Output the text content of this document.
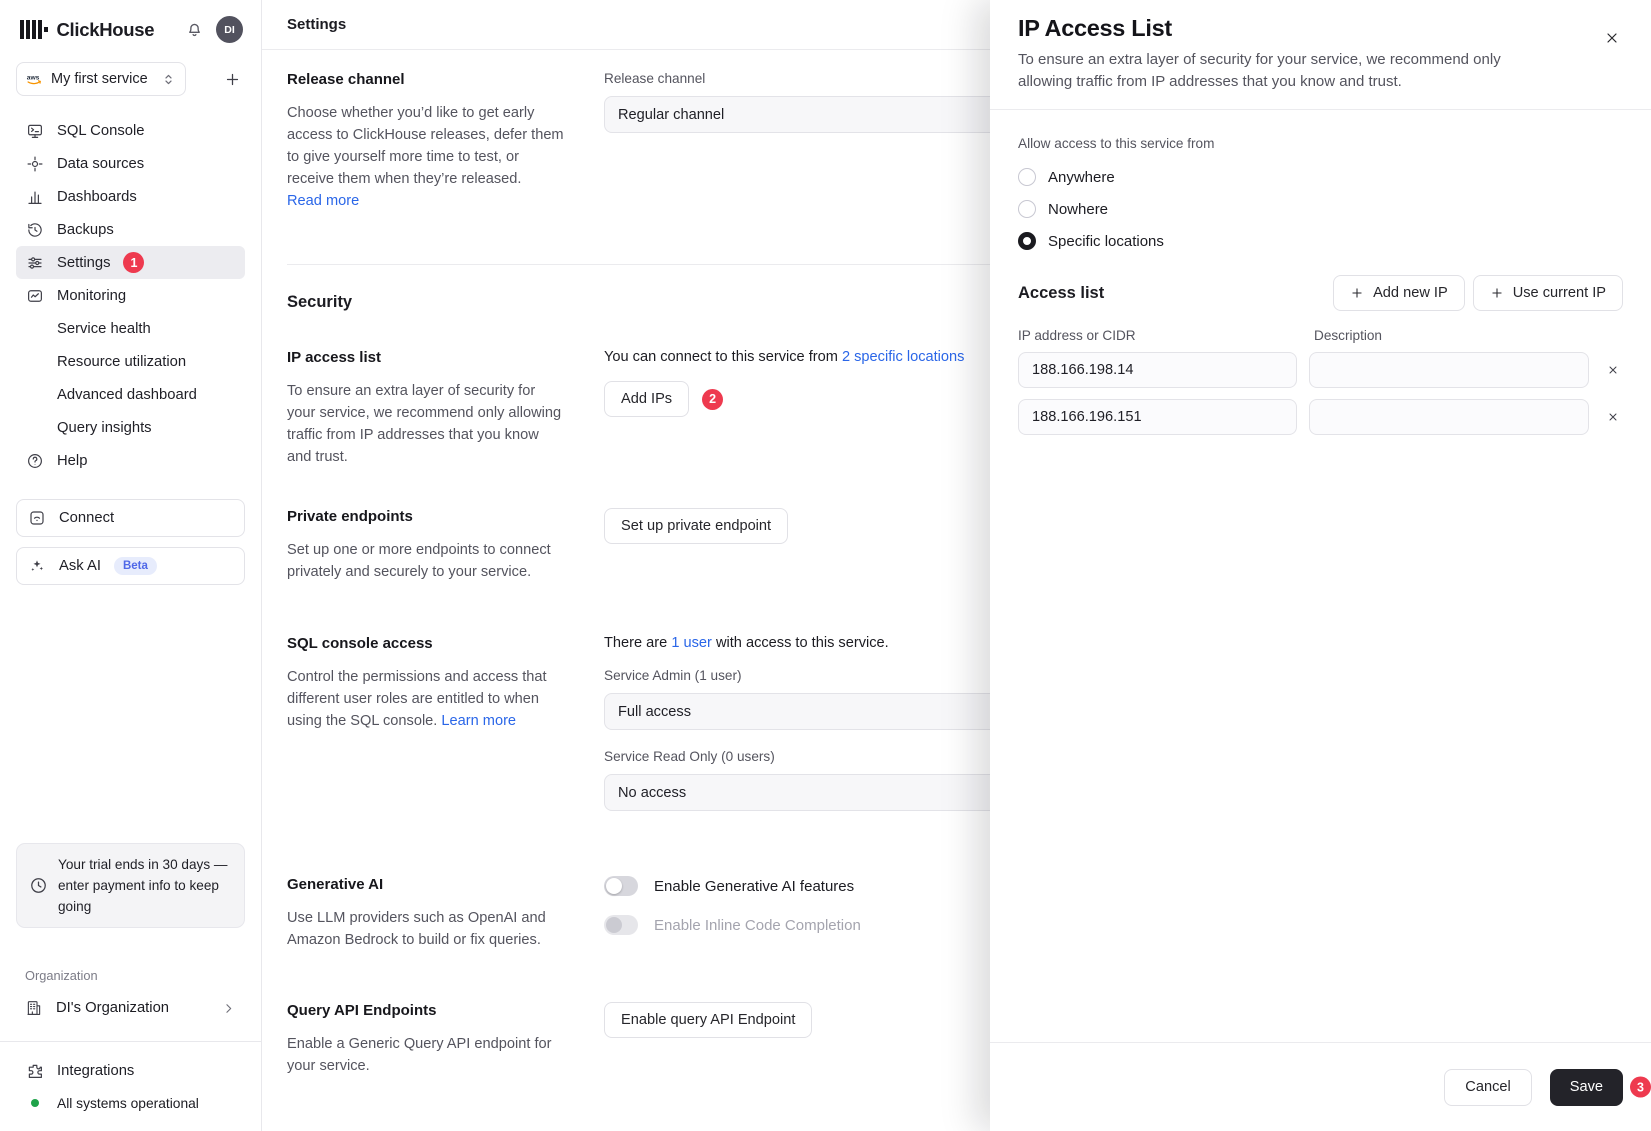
ClickHouse	DI
aws My first service
SQL Console
Data sources
Dashboards
Backups
Settings	1
Monitoring
Service health
Resource utilization
Advanced dashboard
Query insights
Help
Connect
Ask AI	Beta
Your trial ends in 30 days — enter payment info to keep going
Organization
DI's Organization
Integrations
All systems operational
Settings
Release channel

Choose whether you’d like to get early access to ClickHouse releases, defer them to give yourself more time to test, or receive them when they’re released.
Read more

Release channel
Regular channel
Security
IP access list

To ensure an extra layer of security for your service, we recommend only allowing traffic from IP addresses that you know and trust.

You can connect to this service from 2 specific locations
Add IPs	2
Private endpoints

Set up one or more endpoints to connect privately and securely to your service.

Set up private endpoint
SQL console access

Control the permissions and access that different user roles are entitled to when using the SQL console. Learn more

There are 1 user with access to this service.
Service Admin (1 user)
Full access
Service Read Only (0 users)
No access
Generative AI

Use LLM providers such as OpenAI and Amazon Bedrock to build or fix queries.

Enable Generative AI features
Enable Inline Code Completion
Query API Endpoints

Enable a Generic Query API endpoint for your service.

Enable query API Endpoint
IP Access List

To ensure an extra layer of security for your service, we recommend only allowing traffic from IP addresses that you know and trust.

Allow access to this service from
Anywhere
Nowhere
Specific locations
Access list	Add new IP	Use current IP
IP address or CIDR	Description
188.166.198.14
188.166.196.151
Cancel	Save	3
